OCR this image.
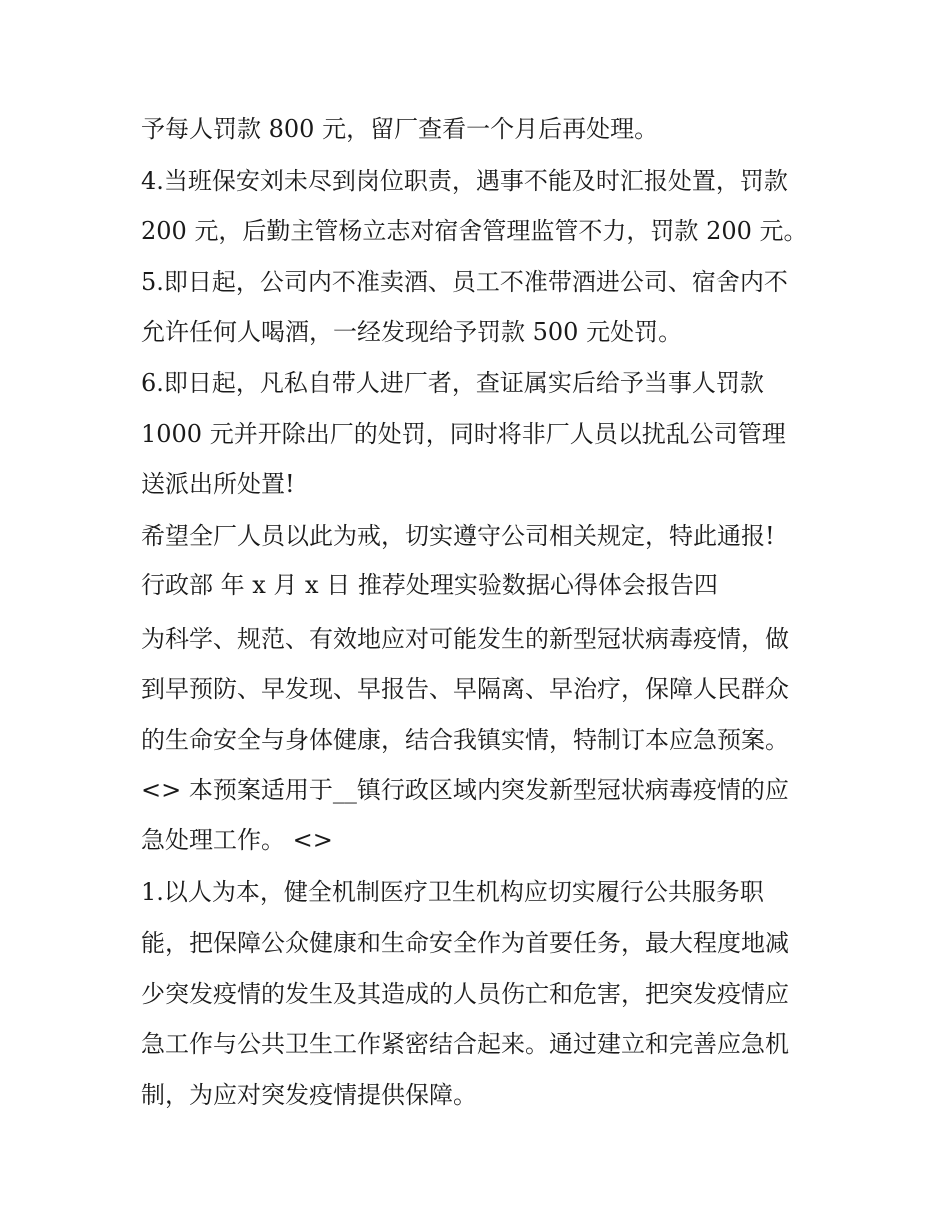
予每人罚款 800 元，留厂查看一个月后再处理。
4.当班保安刘未尽到岗位职责，遇事不能及时汇报处置，罚款
200 元，后勤主管杨立志对宿舍管理监管不力，罚款 200 元。
5.即日起，公司内不准卖酒、员工不准带酒进公司、宿舍内不
允许任何人喝酒，一经发现给予罚款 500 元处罚。
6.即日起，凡私自带人进厂者，查证属实后给予当事人罚款
1000 元并开除出厂的处罚，同时将非厂人员以扰乱公司管理
送派出所处置!
希望全厂人员以此为戒，切实遵守公司相关规定，特此通报!
行政部 年 x 月 x 日 推荐处理实验数据心得体会报告四
为科学、规范、有效地应对可能发生的新型冠状病毒疫情，做
到早预防、早发现、早报告、早隔离、早治疗，保障人民群众
的生命安全与身体健康，结合我镇实情，特制订本应急预案。
<> 本预案适用于__镇行政区域内突发新型冠状病毒疫情的应
急处理工作。 <>
1.以人为本，健全机制医疗卫生机构应切实履行公共服务职
能，把保障公众健康和生命安全作为首要任务，最大程度地减
少突发疫情的发生及其造成的人员伤亡和危害，把突发疫情应
急工作与公共卫生工作紧密结合起来。通过建立和完善应急机
制，为应对突发疫情提供保障。
